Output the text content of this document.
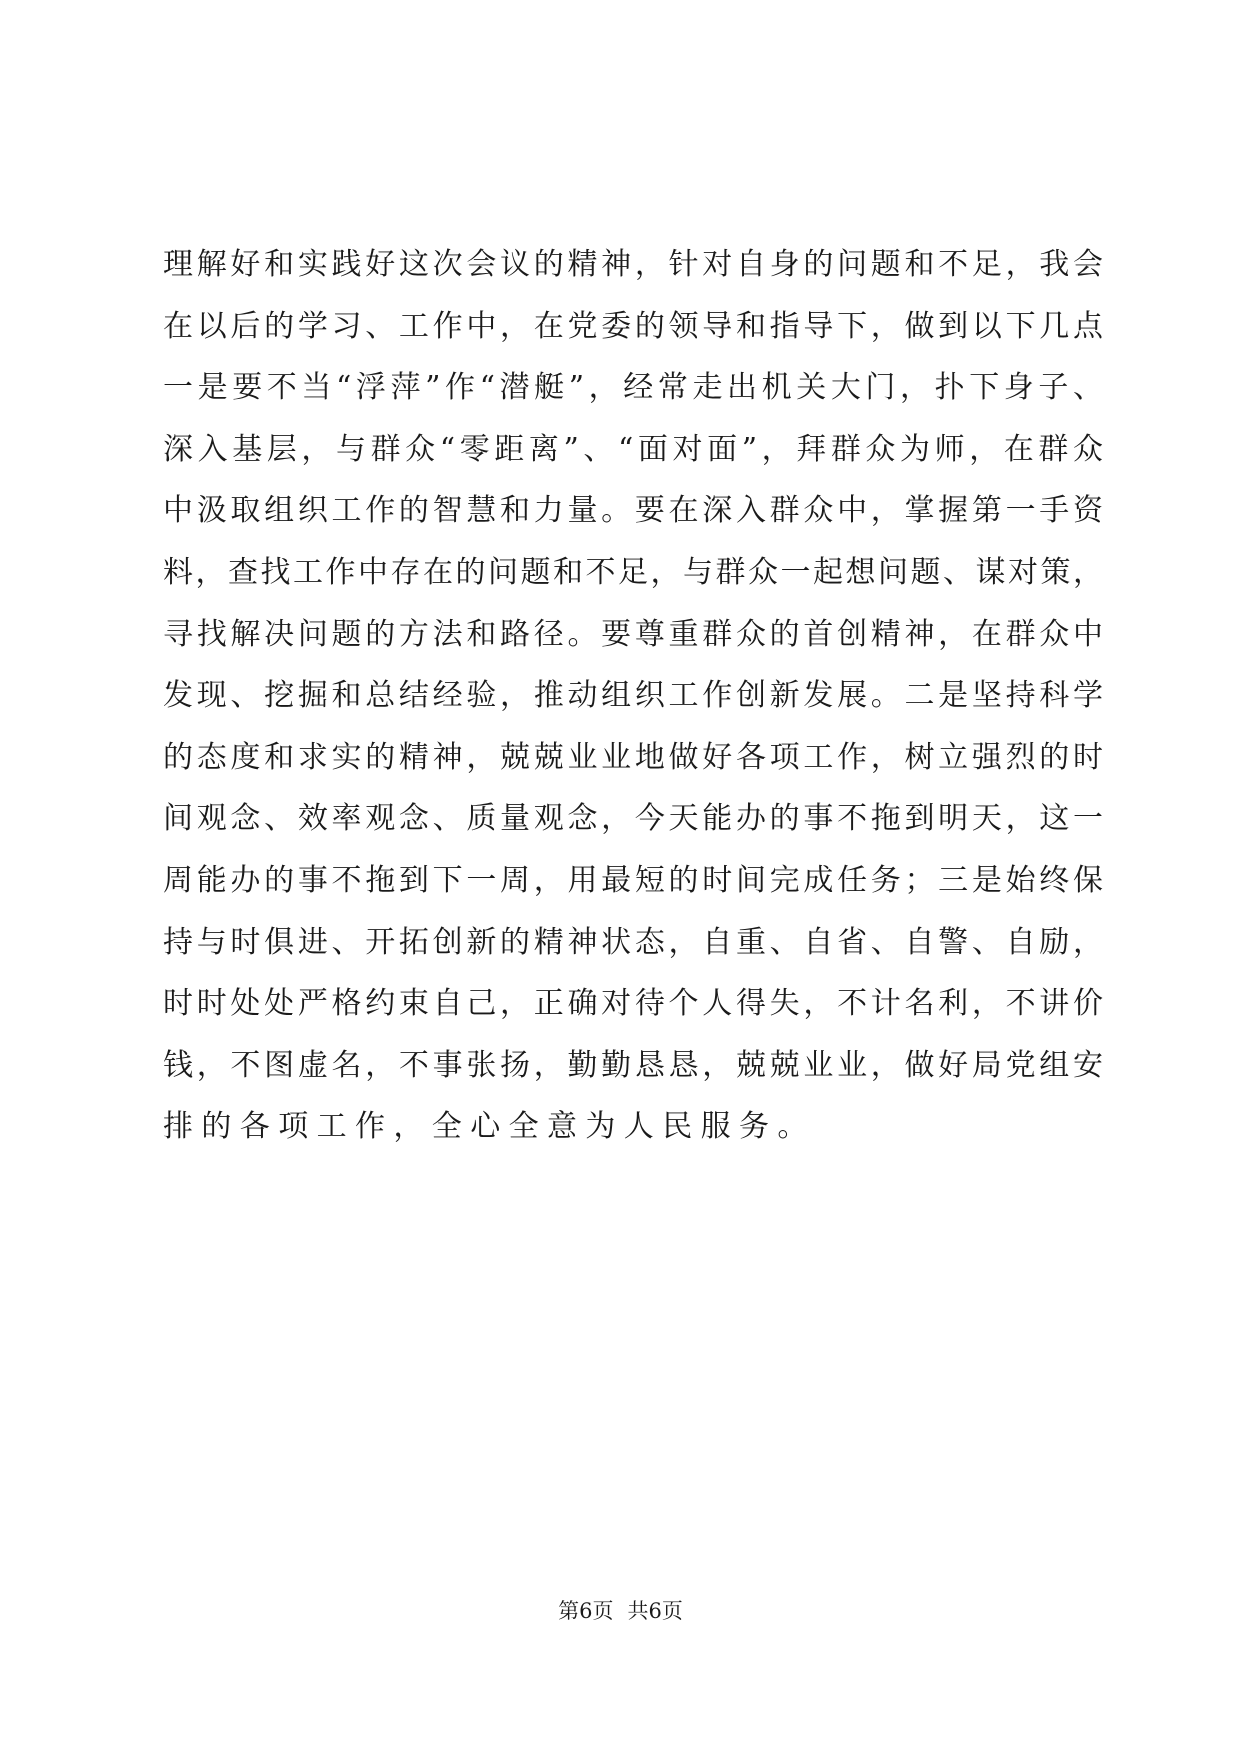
理解好和实践好这次会议的精神，针对自身的问题和不足，我会
在以后的学习、工作中，在党委的领导和指导下，做到以下几点
一是要不当“浮萍”作“潜艇”，经常走出机关大门，扑下身子、
深入基层，与群众“零距离”、“面对面”，拜群众为师，在群众
中汲取组织工作的智慧和力量。要在深入群众中，掌握第一手资
料，查找工作中存在的问题和不足，与群众一起想问题、谋对策，
寻找解决问题的方法和路径。要尊重群众的首创精神，在群众中
发现、挖掘和总结经验，推动组织工作创新发展。二是坚持科学
的态度和求实的精神，兢兢业业地做好各项工作，树立强烈的时
间观念、效率观念、质量观念，今天能办的事不拖到明天，这一
周能办的事不拖到下一周，用最短的时间完成任务；三是始终保
持与时俱进、开拓创新的精神状态，自重、自省、自警、自励，
时时处处严格约束自己，正确对待个人得失，不计名利，不讲价
钱，不图虚名，不事张扬，勤勤恳恳，兢兢业业，做好局党组安
排的各项工作，全心全意为人民服务。
第6页 共6页
